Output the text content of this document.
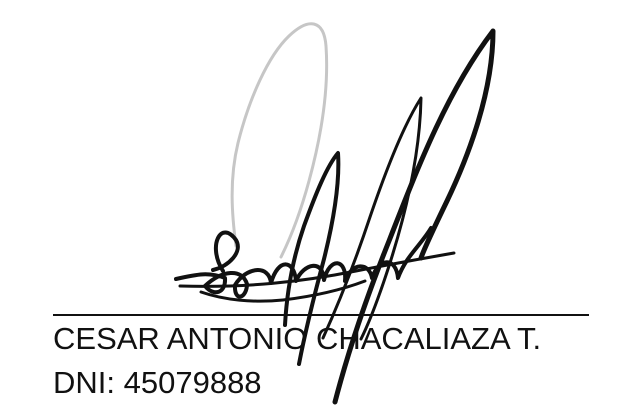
CESAR ANTONIO CHACALIAZA T.
DNI: 45079888
